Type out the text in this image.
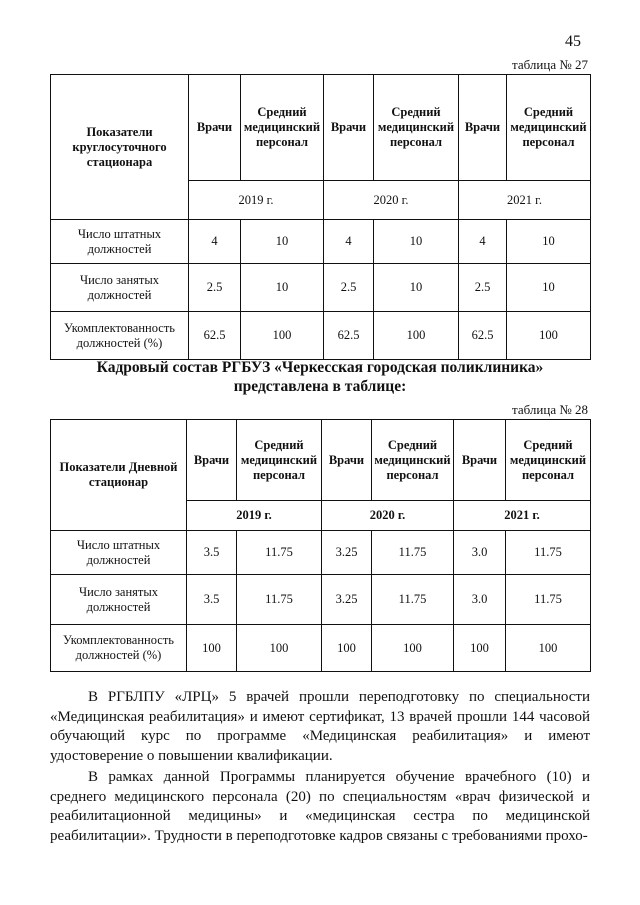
45
таблица № 27
Показатели круглосуточного стационара	Врачи	Средний медицинский персонал	Врачи	Средний медицинский персонал	Врачи	Средний медицинский персонал
	2019 г.		2020 г.		2021 г.	
Число штатных должностей	4	10	4	10	4	10
Число занятых должностей	2.5	10	2.5	10	2.5	10
Укомплектованность должностей (%)	62.5	100	62.5	100	62.5	100
Кадровый состав РГБУЗ «Черкесская городская поликлиника»
представлена в таблице:
таблица № 28
Показатели Дневной стационар	Врачи	Средний медицинский персонал	Врачи	Средний медицинский персонал	Врачи	Средний медицинский персонал
	2019 г.		2020 г.		2021 г.	
Число штатных должностей	3.5	11.75	3.25	11.75	3.0	11.75
Число занятых должностей	3.5	11.75	3.25	11.75	3.0	11.75
Укомплектованность должностей (%)	100	100	100	100	100	100

В РГБЛПУ «ЛРЦ» 5 врачей прошли переподготовку по специальности «Медицинская реабилитация» и имеют сертификат, 13 врачей прошли 144 часовой обучающий курс по программе «Медицинская реабилитация» и имеют удостоверение о повышении квалификации.

В рамках данной Программы планируется обучение врачебного (10) и среднего медицинского персонала (20) по специальностям «врач физической и реабилитационной медицины» и «медицинская сестра по медицинской реабилитации». Трудности в переподготовке кадров связаны с требованиями прохо-
